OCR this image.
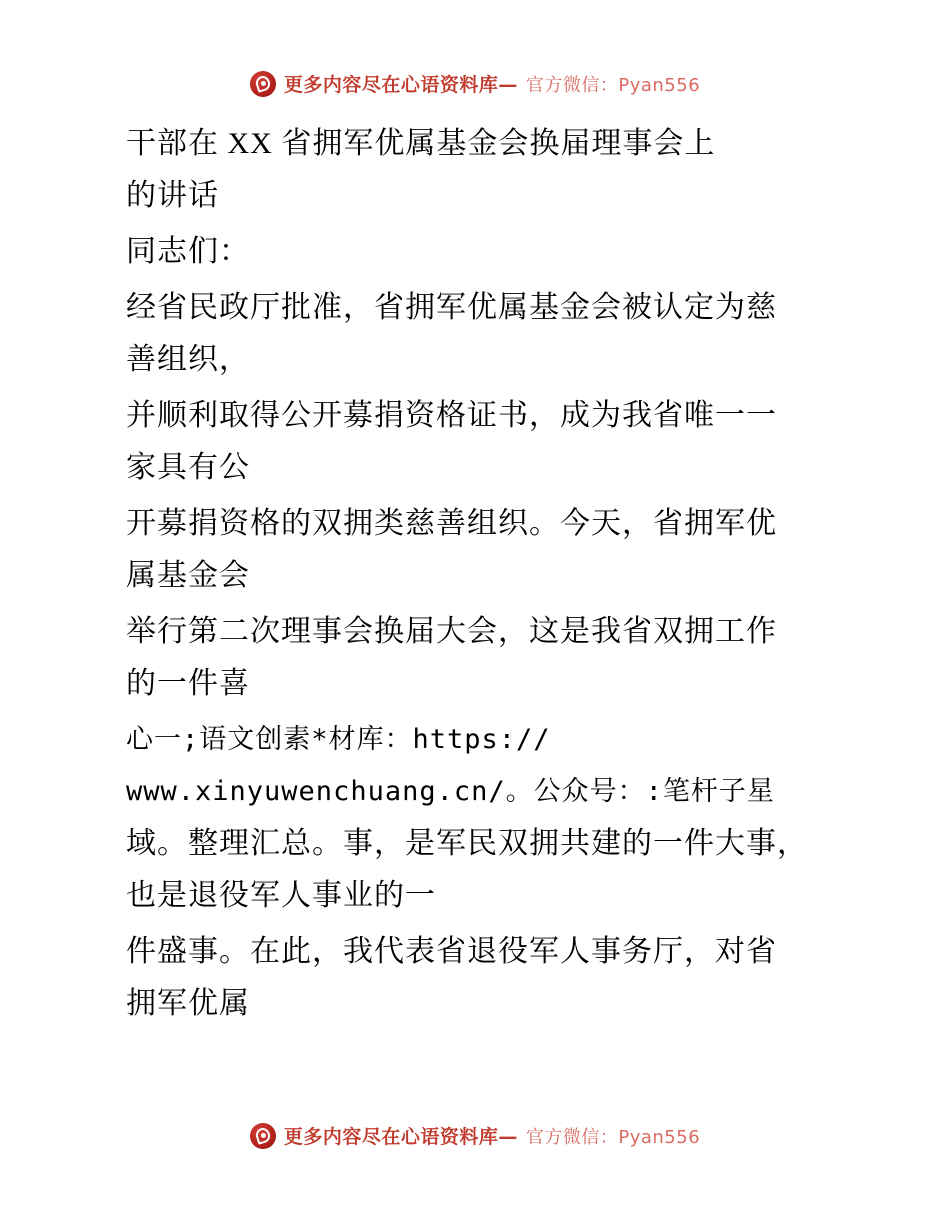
更多内容尽在心语资料库— 官方微信：Pyan556

干部在 XX 省拥军优属基金会换届理事会上
的讲话

同志们：

经省民政厅批准，省拥军优属基金会被认定为慈
善组织，

并顺利取得公开募捐资格证书，成为我省唯一一
家具有公

开募捐资格的双拥类慈善组织。今天，省拥军优
属基金会

举行第二次理事会换届大会，这是我省双拥工作
的一件喜

心一;语文创素*材库：https://
www.xinyuwenchuang.cn/。公众号：:笔杆子星
域。整理汇总。事，是军民双拥共建的一件大事，
也是退役军人事业的一

件盛事。在此，我代表省退役军人事务厅，对省
拥军优属

更多内容尽在心语资料库— 官方微信：Pyan556
